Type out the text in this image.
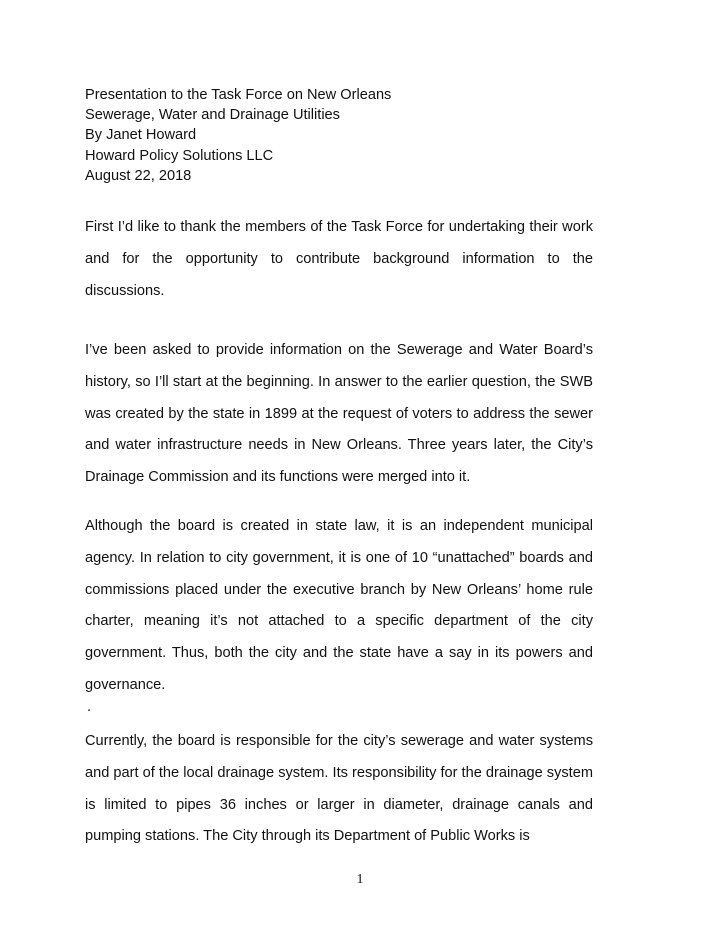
Presentation to the Task Force on New Orleans
Sewerage, Water and Drainage Utilities
By Janet Howard
Howard Policy Solutions LLC
August 22, 2018

First I’d like to thank the members of the Task Force for undertaking their work and for the opportunity to contribute background information to the discussions.

I’ve been asked to provide information on the Sewerage and Water Board’s history, so I’ll start at the beginning. In answer to the earlier question, the SWB was created by the state in 1899 at the request of voters to address the sewer and water infrastructure needs in New Orleans. Three years later, the City’s Drainage Commission and its functions were merged into it.

Although the board is created in state law, it is an independent municipal agency. In relation to city government, it is one of 10 “unattached” boards and commissions placed under the executive branch by New Orleans’ home rule charter, meaning it’s not attached to a specific department of the city government. Thus, both the city and the state have a say in its powers and governance.

.

Currently, the board is responsible for the city’s sewerage and water systems and part of the local drainage system. Its responsibility for the drainage system is limited to pipes 36 inches or larger in diameter, drainage canals and pumping stations. The City through its Department of Public Works is

1
